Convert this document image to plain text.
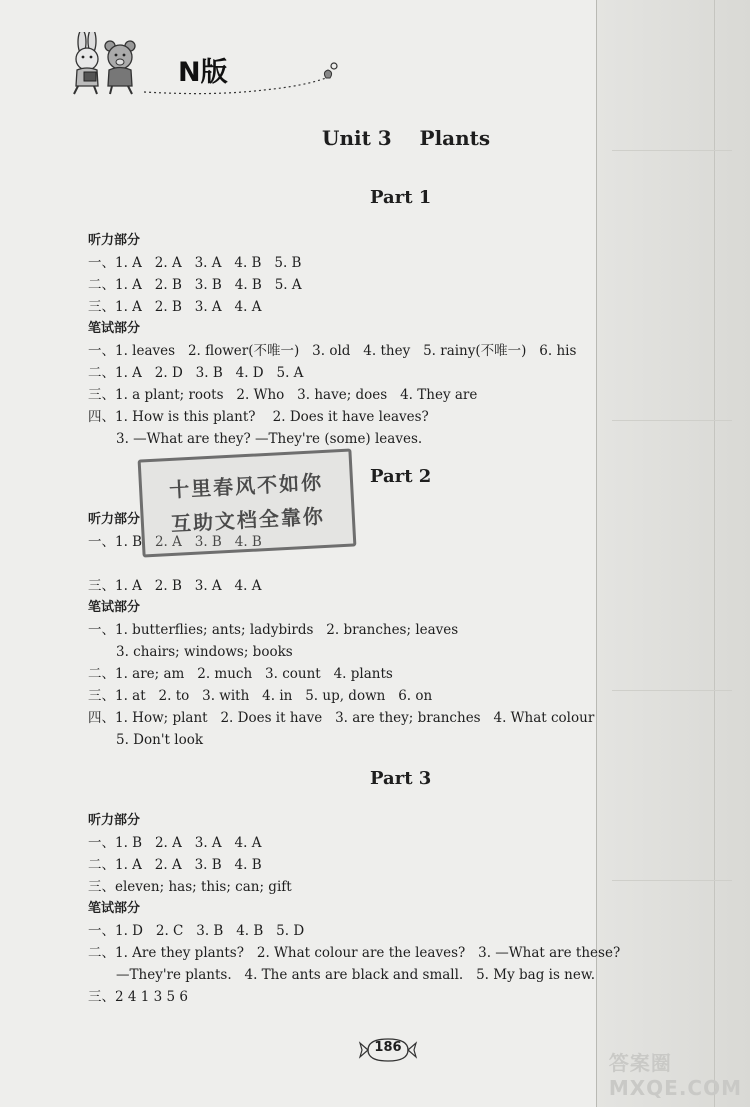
N版
Unit 3    Plants
Part 1
听力部分
一、1. A   2. A   3. A   4. B   5. B
二、1. A   2. B   3. B   4. B   5. A
三、1. A   2. B   3. A   4. A
笔试部分
一、1. leaves   2. flower(不唯一)   3. old   4. they   5. rainy(不唯一)   6. his
二、1. A   2. D   3. B   4. D   5. A
三、1. a plant; roots   2. Who   3. have; does   4. They are
四、1. How is this plant?    2. Does it have leaves?
3. —What are they? —They're (some) leaves.
Part 2
听力部分
一、1. B   2. A   3. B   4. B
三、1. A   2. B   3. A   4. A
笔试部分
一、1. butterflies; ants; ladybirds   2. branches; leaves
3. chairs; windows; books
二、1. are; am   2. much   3. count   4. plants
三、1. at   2. to   3. with   4. in   5. up, down   6. on
四、1. How; plant   2. Does it have   3. are they; branches   4. What colour
5. Don't look
Part 3
听力部分
一、1. B   2. A   3. A   4. A
二、1. A   2. A   3. B   4. B
三、eleven; has; this; can; gift
笔试部分
一、1. D   2. C   3. B   4. B   5. D
二、1. Are they plants?   2. What colour are the leaves?   3. —What are these?
—They're plants.   4. The ants are black and small.   5. My bag is new.
三、2 4 1 3 5 6
十里春风不如你
互助文档全靠你
186
答案圈 MXQE.COM
